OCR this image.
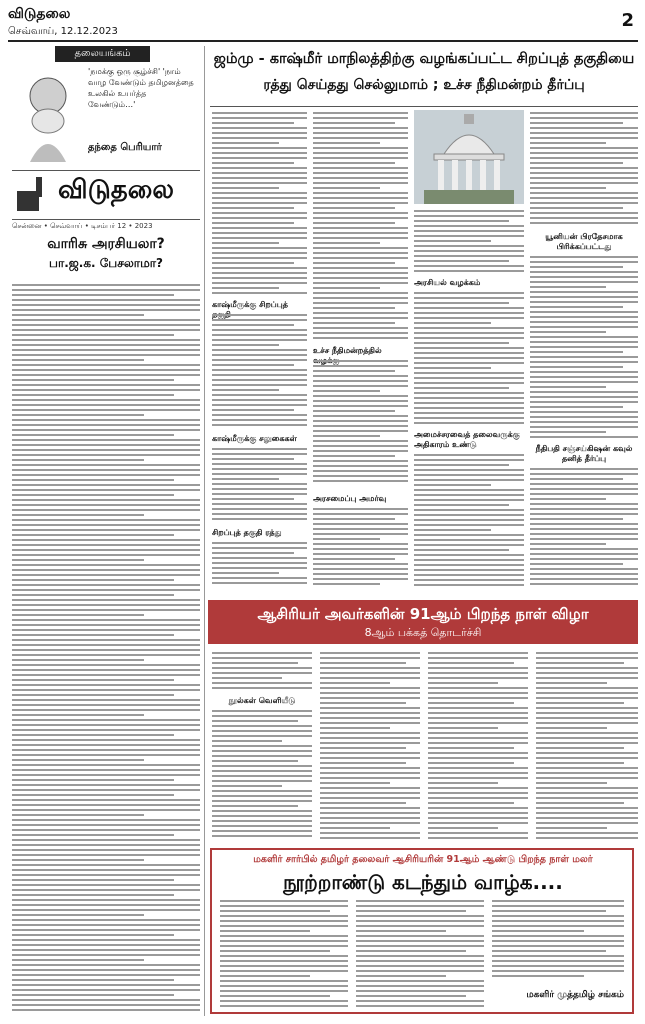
விடுதலை
செவ்வாய், 12.12.2023
2
தலையங்கம்
'நமக்கு ஒரு சூழ்ச்சி' 'நாம் வாழ வேண்டும் தமிழனத்தை உலகில் உயர்த்த வேண்டும்…'
தந்தை பெரியார்
விடுதலை
சென்னை • செவ்வாய் • டிசம்பர் 12 • 2023
வாரிசு அரசியலா?
பா.ஜ.க. பேசலாமா?
ஜம்மு - காஷ்மீர் மாநிலத்திற்கு வழங்கப்பட்ட சிறப்புத் தகுதியை
ரத்து செய்தது செல்லுமாம் ; உச்ச நீதிமன்றம் தீர்ப்பு
காஷ்மீருக்கு சிறப்புத்
காஷ்மீருக்கு சலுகைகள்
சிறப்புத் தகுதி ரத்து
உச்ச நீதிமன்றத்தில்
அரசமைப்பு அமர்வு
அரசியல் வழக்கம்
அமைச்சரவைத் தலைவருக்கு அதிகாரம் உண்டு
யூனியன் பிரதேசமாக பிரிக்கப்பட்டது
நீதிபதி சஞ்சய்கிஷன் கவுல் தனித் தீர்ப்பு
ஆசிரியர் அவர்களின் 91ஆம் பிறந்த நாள் விழா
8ஆம் பக்கத் தொடர்ச்சி
நூல்கள் வெளியீடு
மகளிர் சார்பில் தமிழர் தலைவர் ஆசிரியரின் 91ஆம் ஆண்டு பிறந்த நாள் மலர்
நூற்றாண்டு கடந்தும் வாழ்க....
மகளிர் முத்தமிழ் சங்கம்
